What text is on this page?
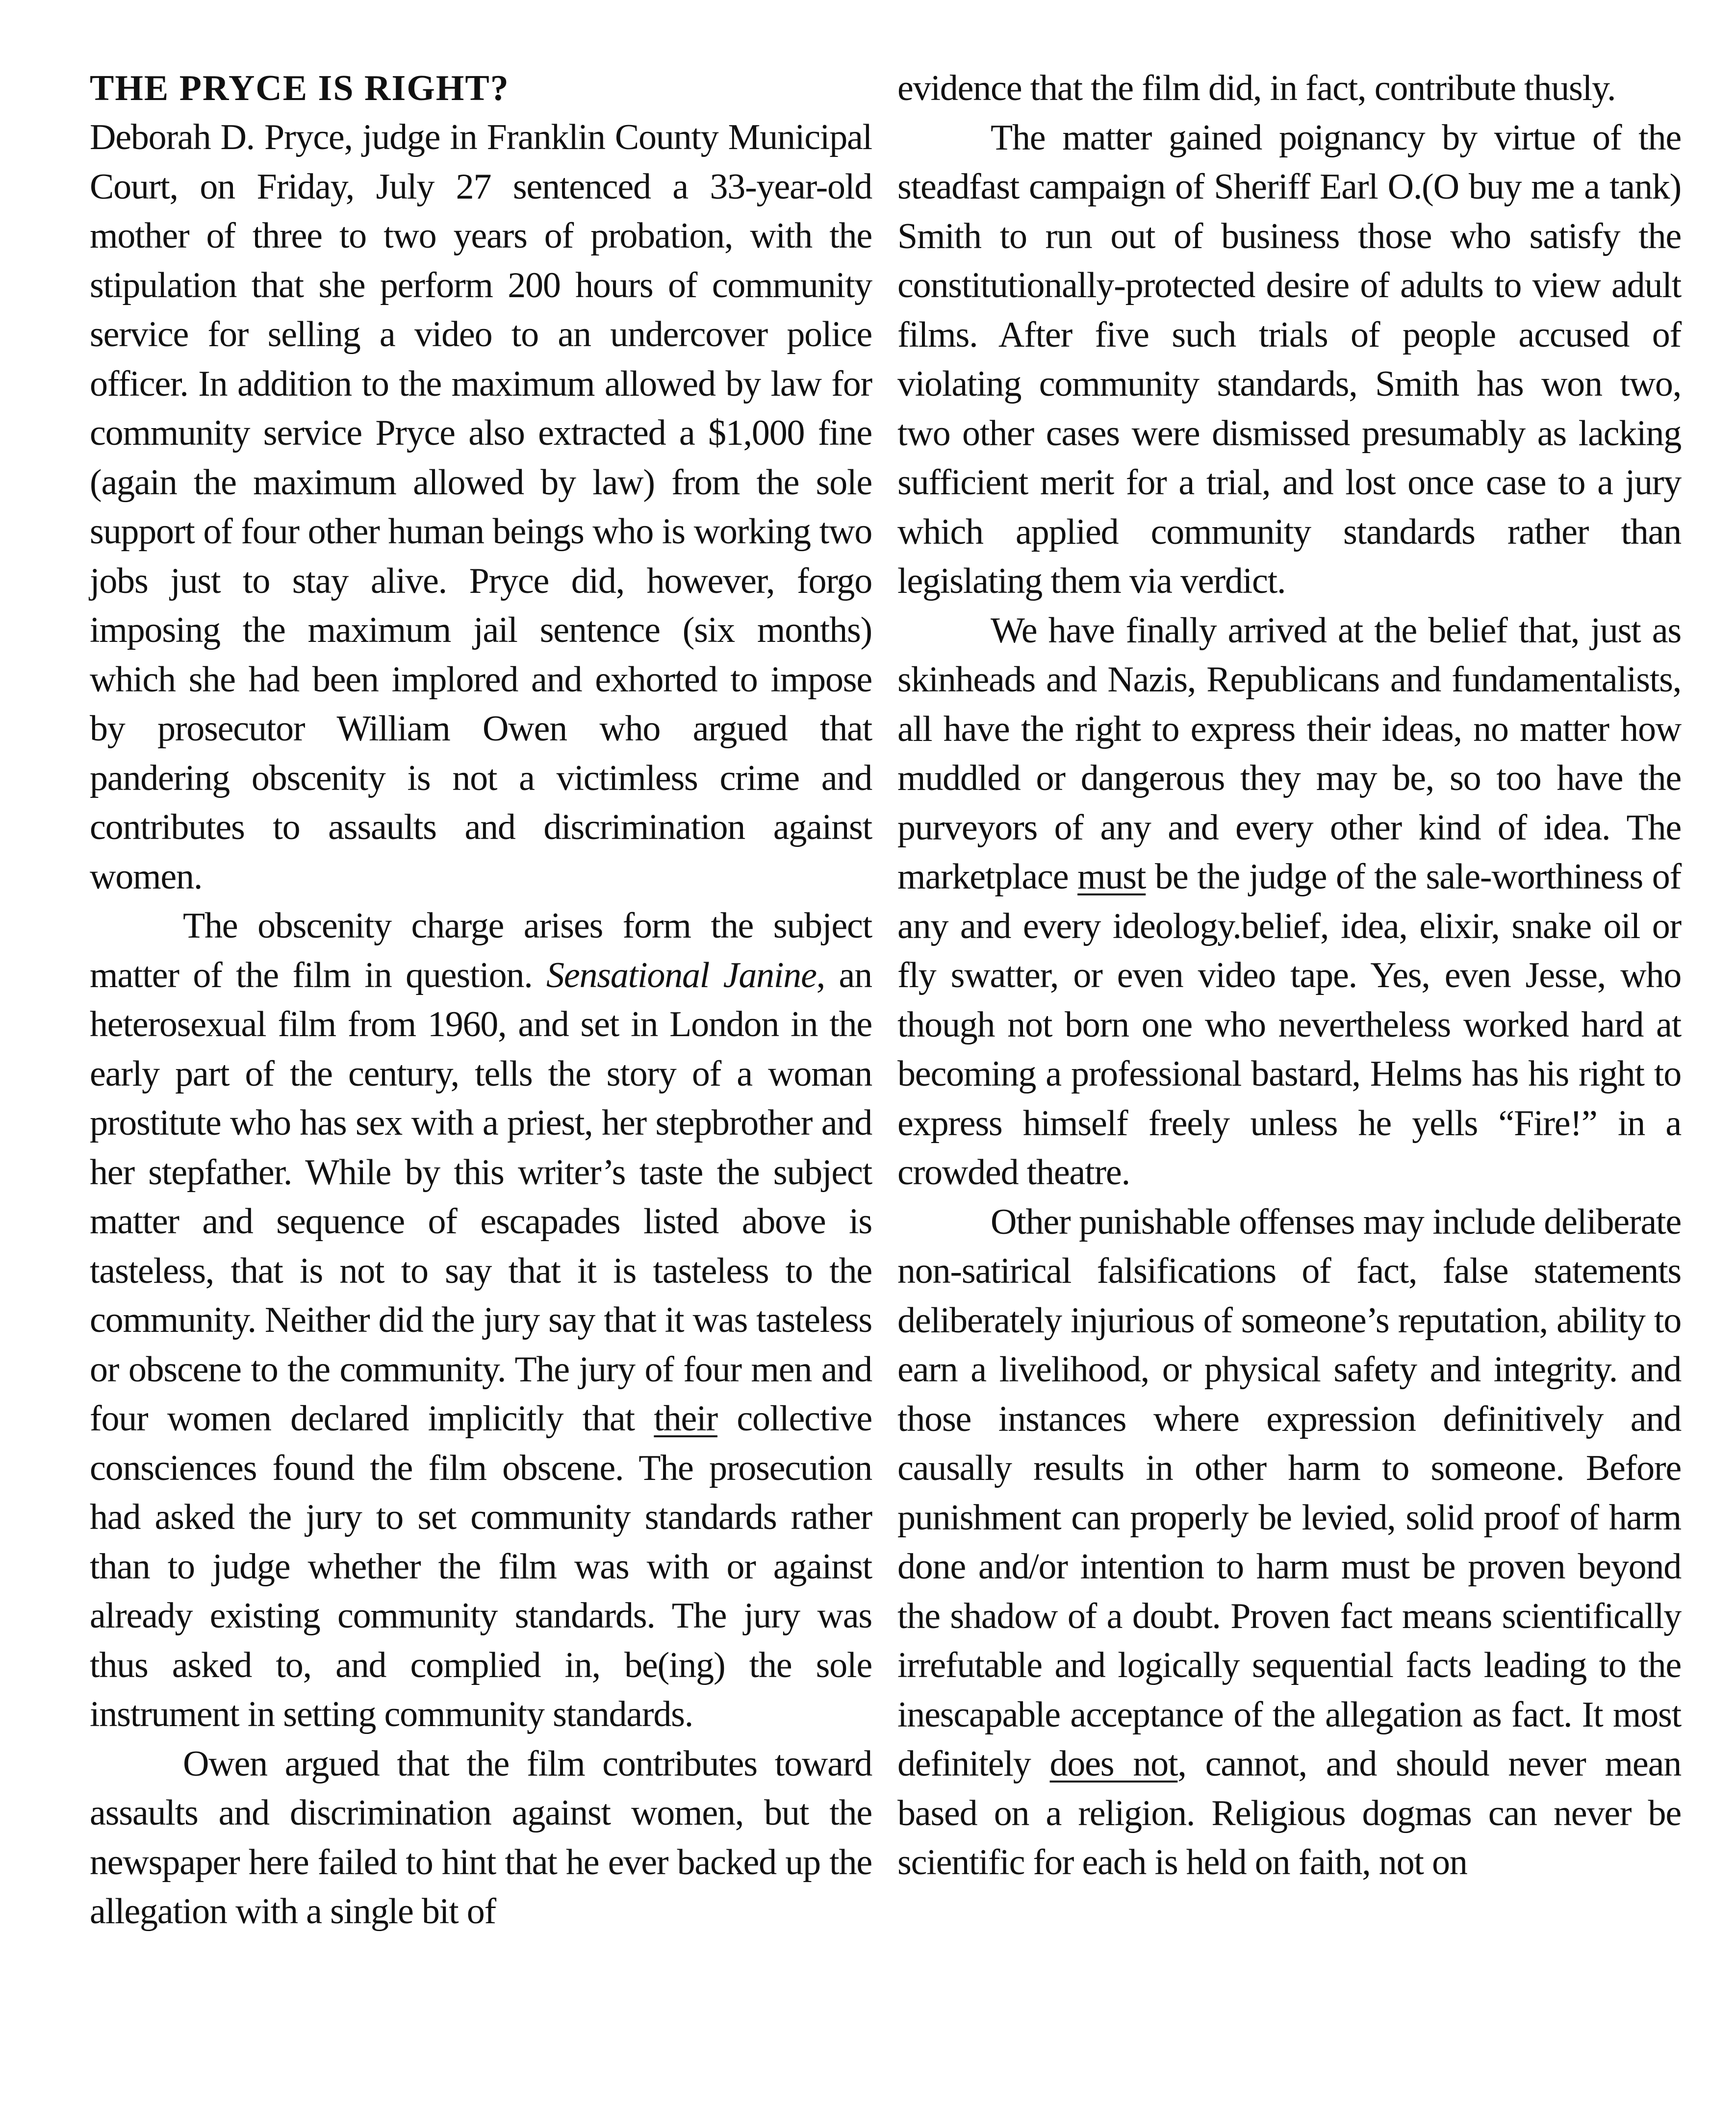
THE PRYCE IS RIGHT?

Deborah D. Pryce, judge in Franklin County Municipal Court, on Friday, July 27 sentenced a 33-year-old mother of three to two years of probation, with the stipulation that she perform 200 hours of community service for selling a video to an undercover police officer. In addition to the maximum allowed by law for community service Pryce also extracted a $1,000 fine (again the maximum allowed by law) from the sole support of four other human beings who is working two jobs just to stay alive. Pryce did, however, forgo imposing the maximum jail sentence (six months) which she had been implored and exhorted to impose by prosecutor William Owen who argued that pandering obscenity is not a victimless crime and contributes to assaults and discrimination against women.

The obscenity charge arises form the subject matter of the film in question. Sensational Janine, an heterosexual film from 1960, and set in London in the early part of the century, tells the story of a woman prostitute who has sex with a priest, her stepbrother and her stepfather. While by this writer’s taste the subject matter and sequence of escapades listed above is tasteless, that is not to say that it is tasteless to the community. Neither did the jury say that it was tasteless or obscene to the community. The jury of four men and four women declared implicitly that their collective consciences found the film obscene. The prosecution had asked the jury to set community standards rather than to judge whether the film was with or against already existing community standards. The jury was thus asked to, and complied in, be(ing) the sole instrument in setting community standards.

Owen argued that the film contributes toward assaults and discrimination against women, but the newspaper here failed to hint that he ever backed up the allegation with a single bit of

evidence that the film did, in fact, contribute thusly.

The matter gained poignancy by virtue of the steadfast campaign of Sheriff Earl O.(O buy me a tank) Smith to run out of business those who satisfy the constitutionally-protected desire of adults to view adult films. After five such trials of people accused of violating community standards, Smith has won two, two other cases were dismissed presumably as lacking sufficient merit for a trial, and lost once case to a jury which applied community standards rather than legislating them via verdict.

We have finally arrived at the belief that, just as skinheads and Nazis, Republicans and fundamentalists, all have the right to express their ideas, no matter how muddled or dangerous they may be, so too have the purveyors of any and every other kind of idea. The marketplace must be the judge of the sale-worthiness of any and every ideology.belief, idea, elixir, snake oil or fly swatter, or even video tape. Yes, even Jesse, who though not born one who nevertheless worked hard at becoming a professional bastard, Helms has his right to express himself freely unless he yells “Fire!” in a crowded theatre.

Other punishable offenses may include deliberate non-satirical falsifications of fact, false statements deliberately injurious of someone’s reputation, ability to earn a livelihood, or physical safety and integrity. and those instances where expression definitively and causally results in other harm to someone. Before punishment can properly be levied, solid proof of harm done and/or intention to harm must be proven beyond the shadow of a doubt. Proven fact means scientifically irrefutable and logically sequential facts leading to the inescapable acceptance of the allegation as fact. It most definitely does not, cannot, and should never mean based on a religion. Religious dogmas can never be scientific for each is held on faith, not on
